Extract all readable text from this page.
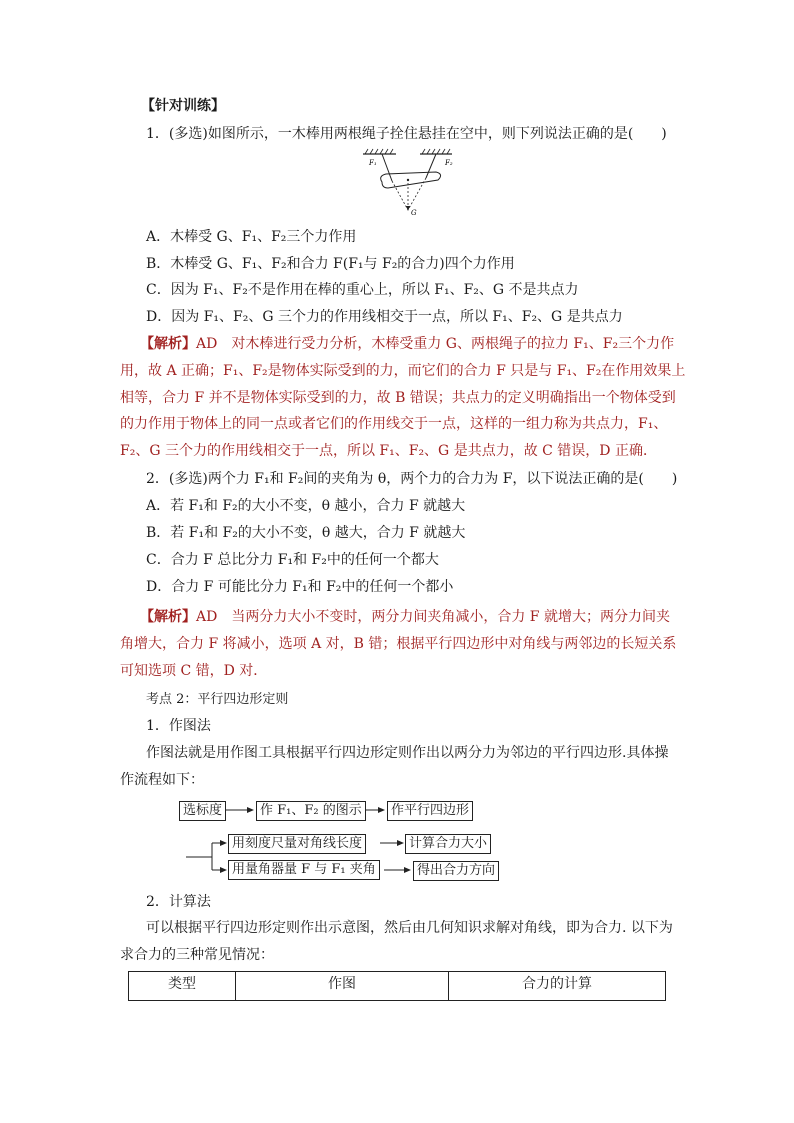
【针对训练】
1．(多选)如图所示，一木棒用两根绳子拴住悬挂在空中，则下列说法正确的是(　　)
F₁	F₂
G
A．木棒受 G、F₁、F₂三个力作用
B．木棒受 G、F₁、F₂和合力 F(F₁与 F₂的合力)四个力作用
C．因为 F₁、F₂不是作用在棒的重心上，所以 F₁、F₂、G 不是共点力
D．因为 F₁、F₂、G 三个力的作用线相交于一点，所以 F₁、F₂、G 是共点力
【解析】AD　对木棒进行受力分析，木棒受重力 G、两根绳子的拉力 F₁、F₂三个力作
用，故 A 正确；F₁、F₂是物体实际受到的力，而它们的合力 F 只是与 F₁、F₂在作用效果上
相等，合力 F 并不是物体实际受到的力，故 B 错误；共点力的定义明确指出一个物体受到
的力作用于物体上的同一点或者它们的作用线交于一点，这样的一组力称为共点力，F₁、
F₂、G 三个力的作用线相交于一点，所以 F₁、F₂、G 是共点力，故 C 错误，D 正确．
2．(多选)两个力 F₁和 F₂间的夹角为 θ，两个力的合力为 F，以下说法正确的是(　　)
A．若 F₁和 F₂的大小不变，θ 越小，合力 F 就越大
B．若 F₁和 F₂的大小不变，θ 越大，合力 F 就越大
C．合力 F 总比分力 F₁和 F₂中的任何一个都大
D．合力 F 可能比分力 F₁和 F₂中的任何一个都小
【解析】AD　当两分力大小不变时，两分力间夹角减小，合力 F 就增大；两分力间夹
角增大，合力 F 将减小，选项 A 对，B 错；根据平行四边形中对角线与两邻边的长短关系
可知选项 C 错，D 对．
考点 2：平行四边形定则
1．作图法
作图法就是用作图工具根据平行四边形定则作出以两分力为邻边的平行四边形.具体操
作流程如下：
选标度	作 F₁、F₂ 的图示	作平行四边形
用刻度尺量对角线长度	计算合力大小
用量角器量 F 与 F₁ 夹角	得出合力方向
2．计算法
可以根据平行四边形定则作出示意图，然后由几何知识求解对角线，即为合力. 以下为
求合力的三种常见情况：
类型	作图	合力的计算
